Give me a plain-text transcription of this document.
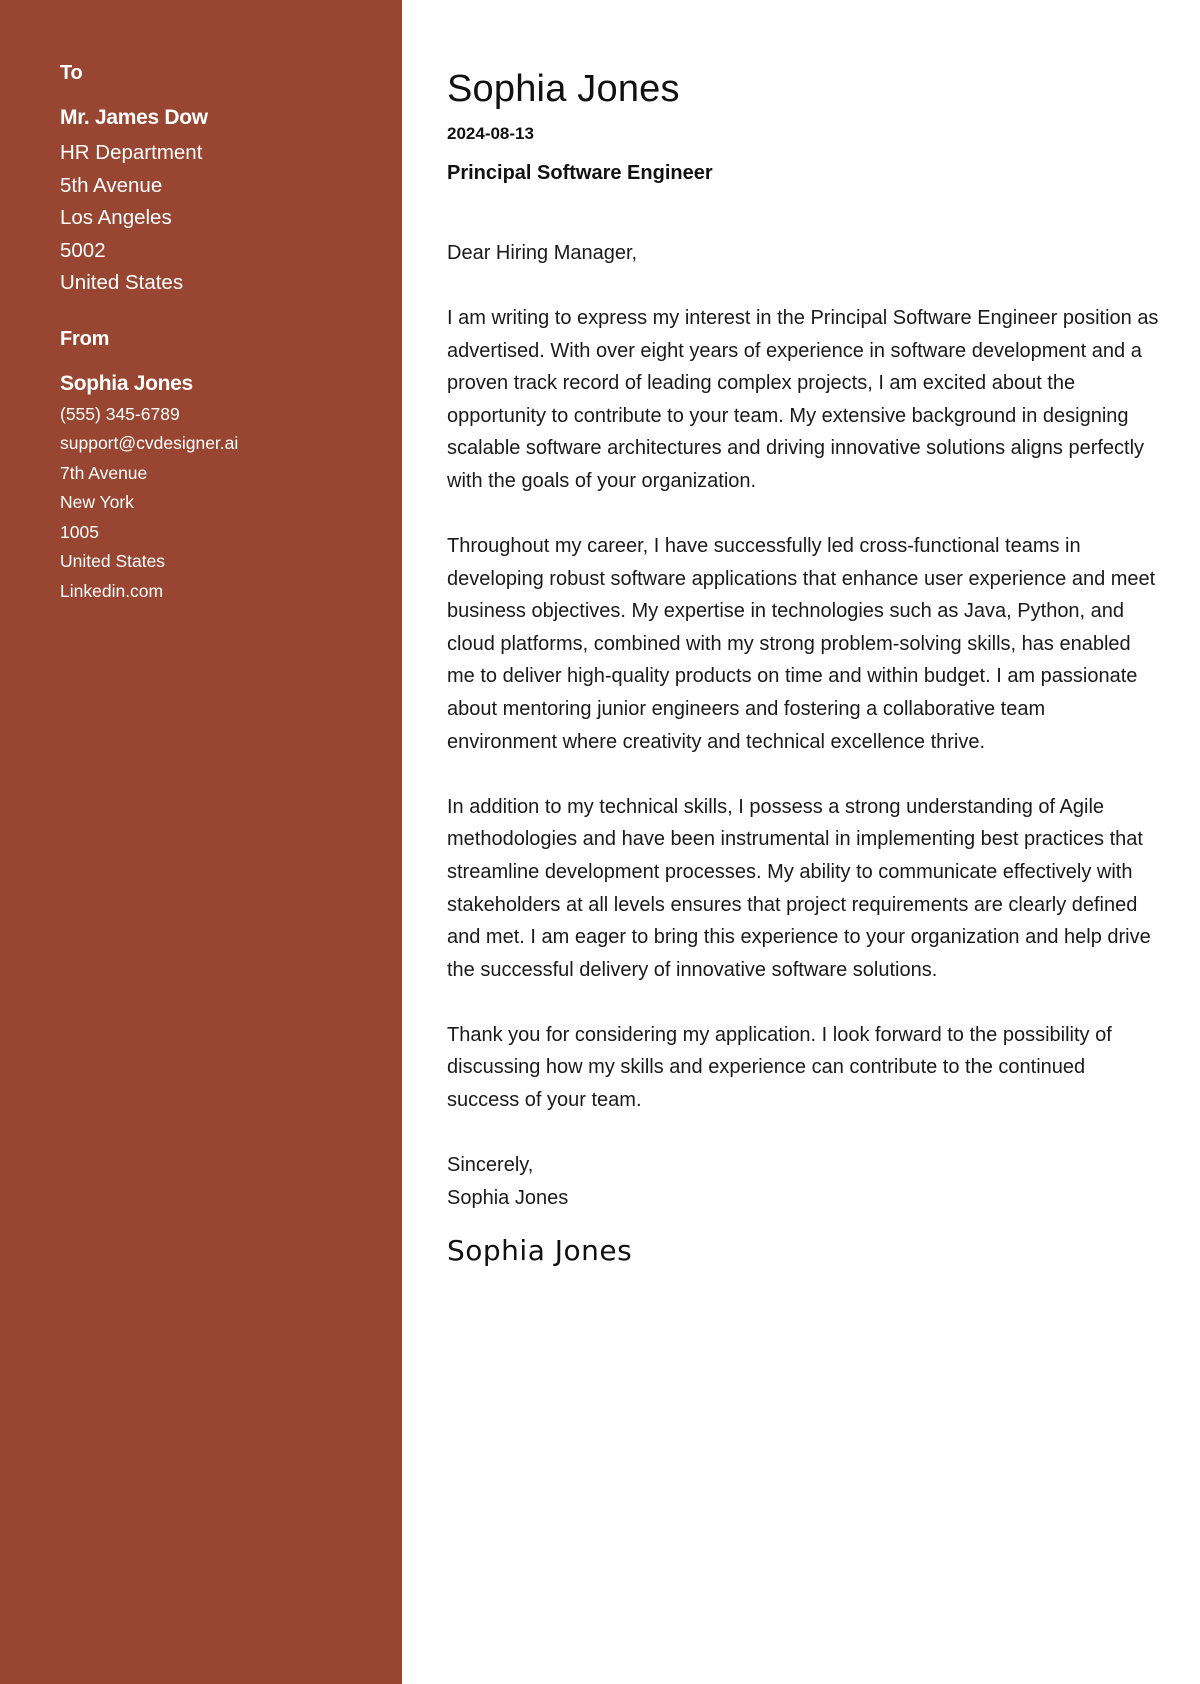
To
Mr. James Dow
HR Department
5th Avenue
Los Angeles
5002
United States
From
Sophia Jones
(555) 345-6789
support@cvdesigner.ai
7th Avenue
New York
1005
United States
Linkedin.com
Sophia Jones
2024-08-13
Principal Software Engineer

Dear Hiring Manager,

I am writing to express my interest in the Principal Software Engineer position as advertised. With over eight years of experience in software development and a proven track record of leading complex projects, I am excited about the opportunity to contribute to your team. My extensive background in designing scalable software architectures and driving innovative solutions aligns perfectly with the goals of your organization.

Throughout my career, I have successfully led cross-functional teams in developing robust software applications that enhance user experience and meet business objectives. My expertise in technologies such as Java, Python, and cloud platforms, combined with my strong problem-solving skills, has enabled me to deliver high-quality products on time and within budget. I am passionate about mentoring junior engineers and fostering a collaborative team environment where creativity and technical excellence thrive.

In addition to my technical skills, I possess a strong understanding of Agile methodologies and have been instrumental in implementing best practices that streamline development processes. My ability to communicate effectively with stakeholders at all levels ensures that project requirements are clearly defined and met. I am eager to bring this experience to your organization and help drive the successful delivery of innovative software solutions.

Thank you for considering my application. I look forward to the possibility of discussing how my skills and experience can contribute to the continued success of your team.

Sincerely,
Sophia Jones
Sophia Jones
